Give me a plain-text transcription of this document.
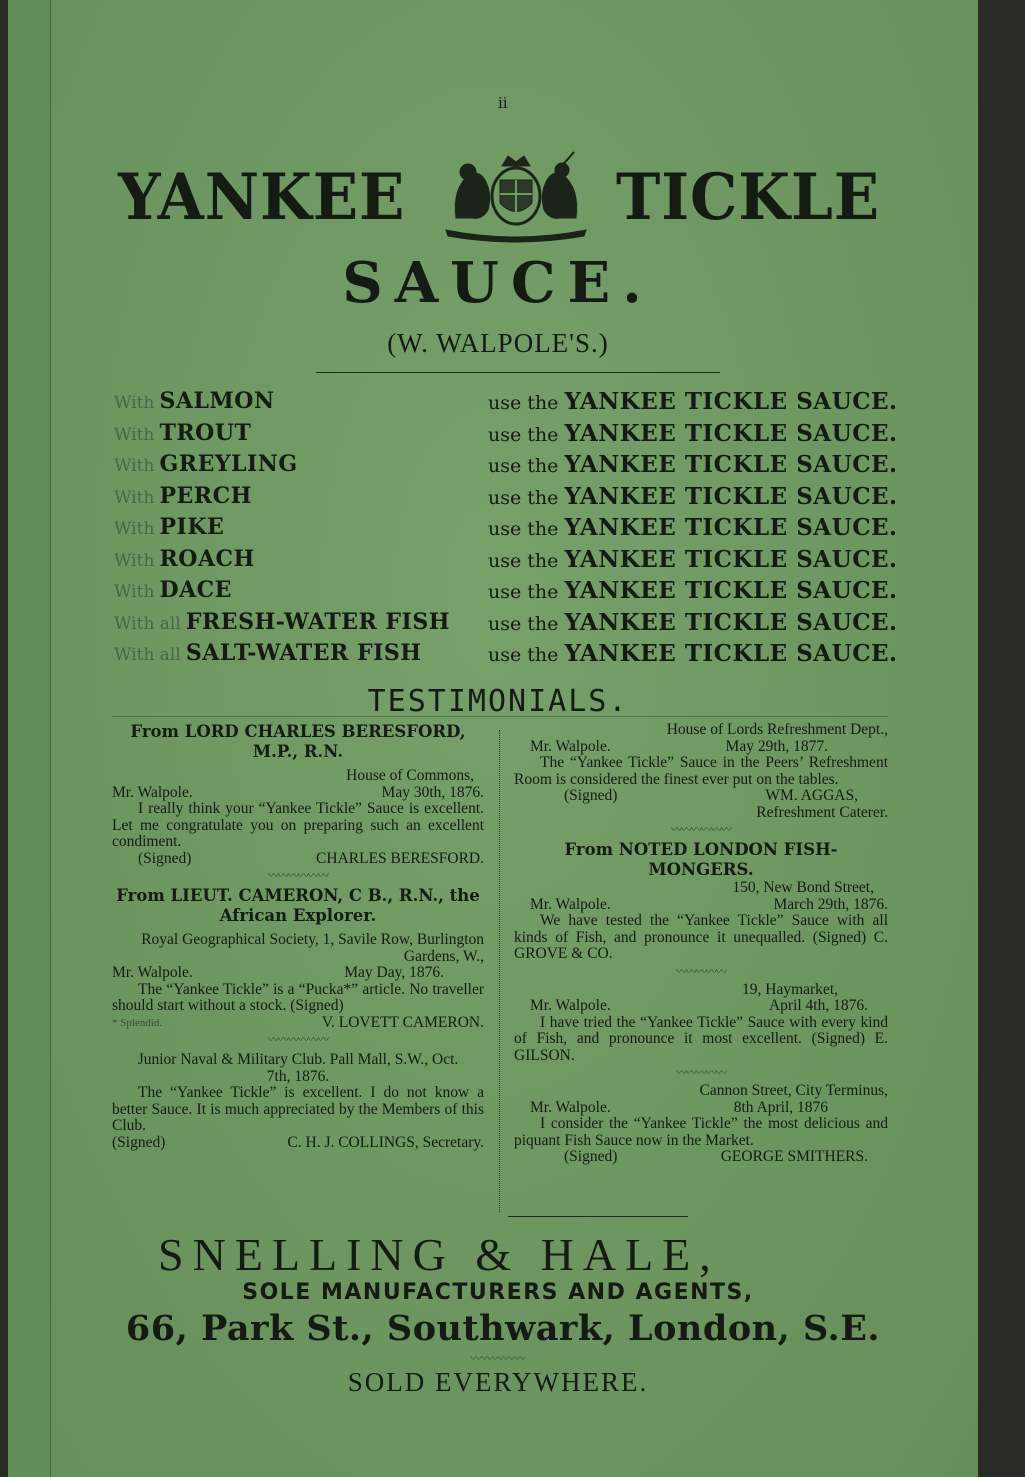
ii
YANKEE	TICKLE
SAUCE.
(W. WALPOLE'S.)
With SALMON	use the YANKEE TICKLE SAUCE.
With TROUT	use the YANKEE TICKLE SAUCE.
With GREYLING	use the YANKEE TICKLE SAUCE.
With PERCH	use the YANKEE TICKLE SAUCE.
With PIKE	use the YANKEE TICKLE SAUCE.
With ROACH	use the YANKEE TICKLE SAUCE.
With DACE	use the YANKEE TICKLE SAUCE.
With all FRESH-WATER FISH use the YANKEE TICKLE SAUCE.
With all SALT-WATER FISH	use the YANKEE TICKLE SAUCE.
TESTIMONIALS.
From LORD CHARLES BERESFORD, M.P., R.N.
House of Commons,
Mr. Walpole.	May 30th, 1876.
I really think your “Yankee Tickle” Sauce is excellent. Let me congratulate you on preparing such an excellent condiment.
(Signed)	CHARLES BERESFORD.
〰〰〰〰〰〰
From LIEUT. CAMERON, C B., R.N., the African Explorer.
Royal Geographical Society, 1, Savile Row, Burlington Gardens, W.,
Mr. Walpole.	May Day, 1876.
The “Yankee Tickle” is a “Pucka*” article. No traveller should start without a stock. (Signed)
* Splendid.	V. LOVETT CAMERON.
〰〰〰〰〰〰
Junior Naval & Military Club. Pall Mall, S.W., Oct. 7th, 1876.
The “Yankee Tickle” is excellent. I do not know a better Sauce. It is much appreciated by the Members of this Club.
(Signed)	C. H. J. COLLINGS, Secretary.
House of Lords Refreshment Dept.,
Mr. Walpole.	May 29th, 1877.
The “Yankee Tickle” Sauce in the Peers’ Refreshment Room is considered the finest ever put on the tables.
(Signed)	WM. AGGAS,
Refreshment Caterer.
〰〰〰〰〰〰
From NOTED LONDON FISH-MONGERS.
150, New Bond Street,
Mr. Walpole.	March 29th, 1876.
We have tested the “Yankee Tickle” Sauce with all kinds of Fish, and pronounce it unequalled. (Signed) C. GROVE & CO.
〰〰〰〰〰
19, Haymarket,
Mr. Walpole.	April 4th, 1876.
I have tried the “Yankee Tickle” Sauce with every kind of Fish, and pronounce it most excellent. (Signed) E. GILSON.
〰〰〰〰〰
Cannon Street, City Terminus,
Mr. Walpole.	8th April, 1876
I consider the “Yankee Tickle” the most delicious and piquant Fish Sauce now in the Market.
(Signed)	GEORGE SMITHERS.
SNELLING & HALE,
SOLE MANUFACTURERS AND AGENTS,
66, Park St., Southwark, London, S.E.
〰〰〰〰〰
SOLD EVERYWHERE.
